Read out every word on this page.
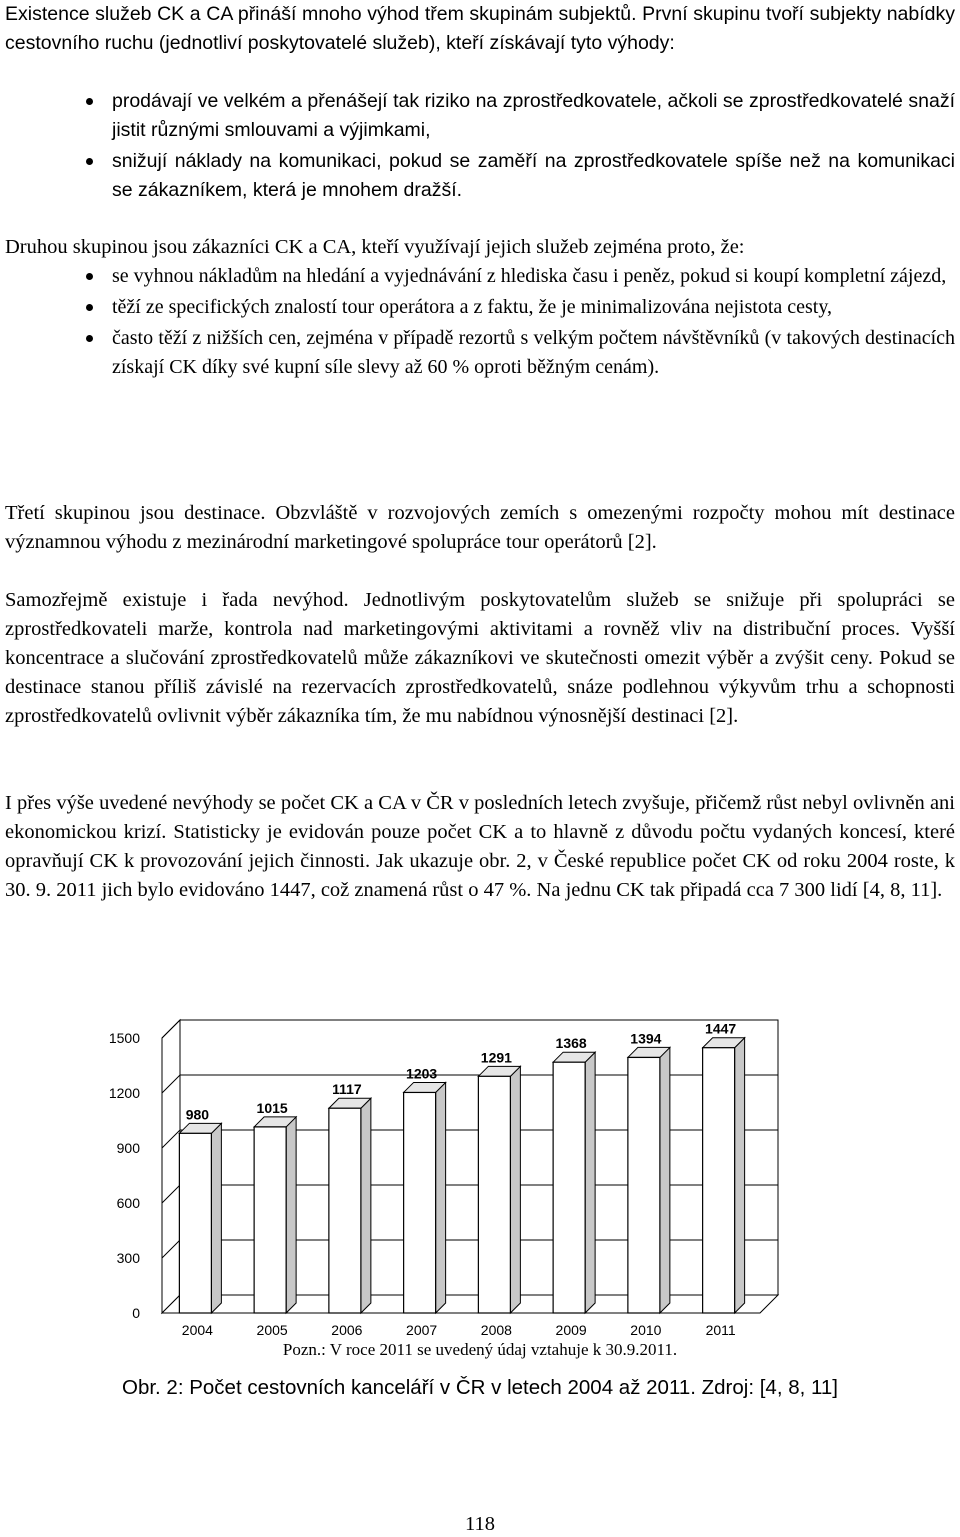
Existence služeb CK a CA přináší mnoho výhod třem skupinám subjektů. První skupinu tvoří subjekty nabídky cestovního ruchu (jednotliví poskytovatelé služeb), kteří získávají tyto výhody:

prodávají ve velkém a přenášejí tak riziko na zprostředkovatele, ačkoli se zprostředkovatelé snaží jistit různými smlouvami a výjimkami,
snižují náklady na komunikaci, pokud se zaměří na zprostředkovatele spíše než na komunikaci se zákazníkem, která je mnohem dražší.

Druhou skupinou jsou zákazníci CK a CA, kteří využívají jejich služeb zejména proto, že:

se vyhnou nákladům na hledání a vyjednávání z hlediska času i peněz, pokud si koupí kompletní zájezd,
těží ze specifických znalostí tour operátora a z faktu, že je minimalizována nejistota cesty,
často těží z nižších cen, zejména v případě rezortů s velkým počtem návštěvníků (v takových destinacích získají CK díky své kupní síle slevy až 60 % oproti běžným cenám).

Třetí skupinou jsou destinace. Obzvláště v rozvojových zemích s omezenými rozpočty mohou mít destinace významnou výhodu z mezinárodní marketingové spolupráce tour operátorů [2].

Samozřejmě existuje i řada nevýhod. Jednotlivým poskytovatelům služeb se snižuje při spolupráci se zprostředkovateli marže, kontrola nad marketingovými aktivitami a rovněž vliv na distribuční proces. Vyšší koncentrace a slučování zprostředkovatelů může zákazníkovi ve skutečnosti omezit výběr a zvýšit ceny. Pokud se destinace stanou příliš závislé na rezervacích zprostředkovatelů, snáze podlehnou výkyvům trhu a schopnosti zprostředkovatelů ovlivnit výběr zákazníka tím, že mu nabídnou výnosnější destinaci [2].

I přes výše uvedené nevýhody se počet CK a CA v ČR v posledních letech zvyšuje, přičemž růst nebyl ovlivněn ani ekonomickou krizí. Statisticky je evidován pouze počet CK a to hlavně z důvodu počtu vydaných koncesí, které opravňují CK k provozování jejich činnosti. Jak ukazuje obr. 2, v České republice počet CK od roku 2004 roste, k 30. 9. 2011 jich bylo evidováno 1447, což znamená růst o 47 %. Na jednu CK tak připadá cca 7 300 lidí [4, 8, 11].

0
300
600
900
1200
1500
980
2004
1015
2005
1117
2006
1203
2007
1291
2008
1368
2009
1394
2010
1447
2011
Pozn.: V roce 2011 se uvedený údaj vztahuje k 30.9.2011.
Obr. 2: Počet cestovních kanceláří v ČR v letech 2004 až 2011. Zdroj: [4, 8, 11]
118
